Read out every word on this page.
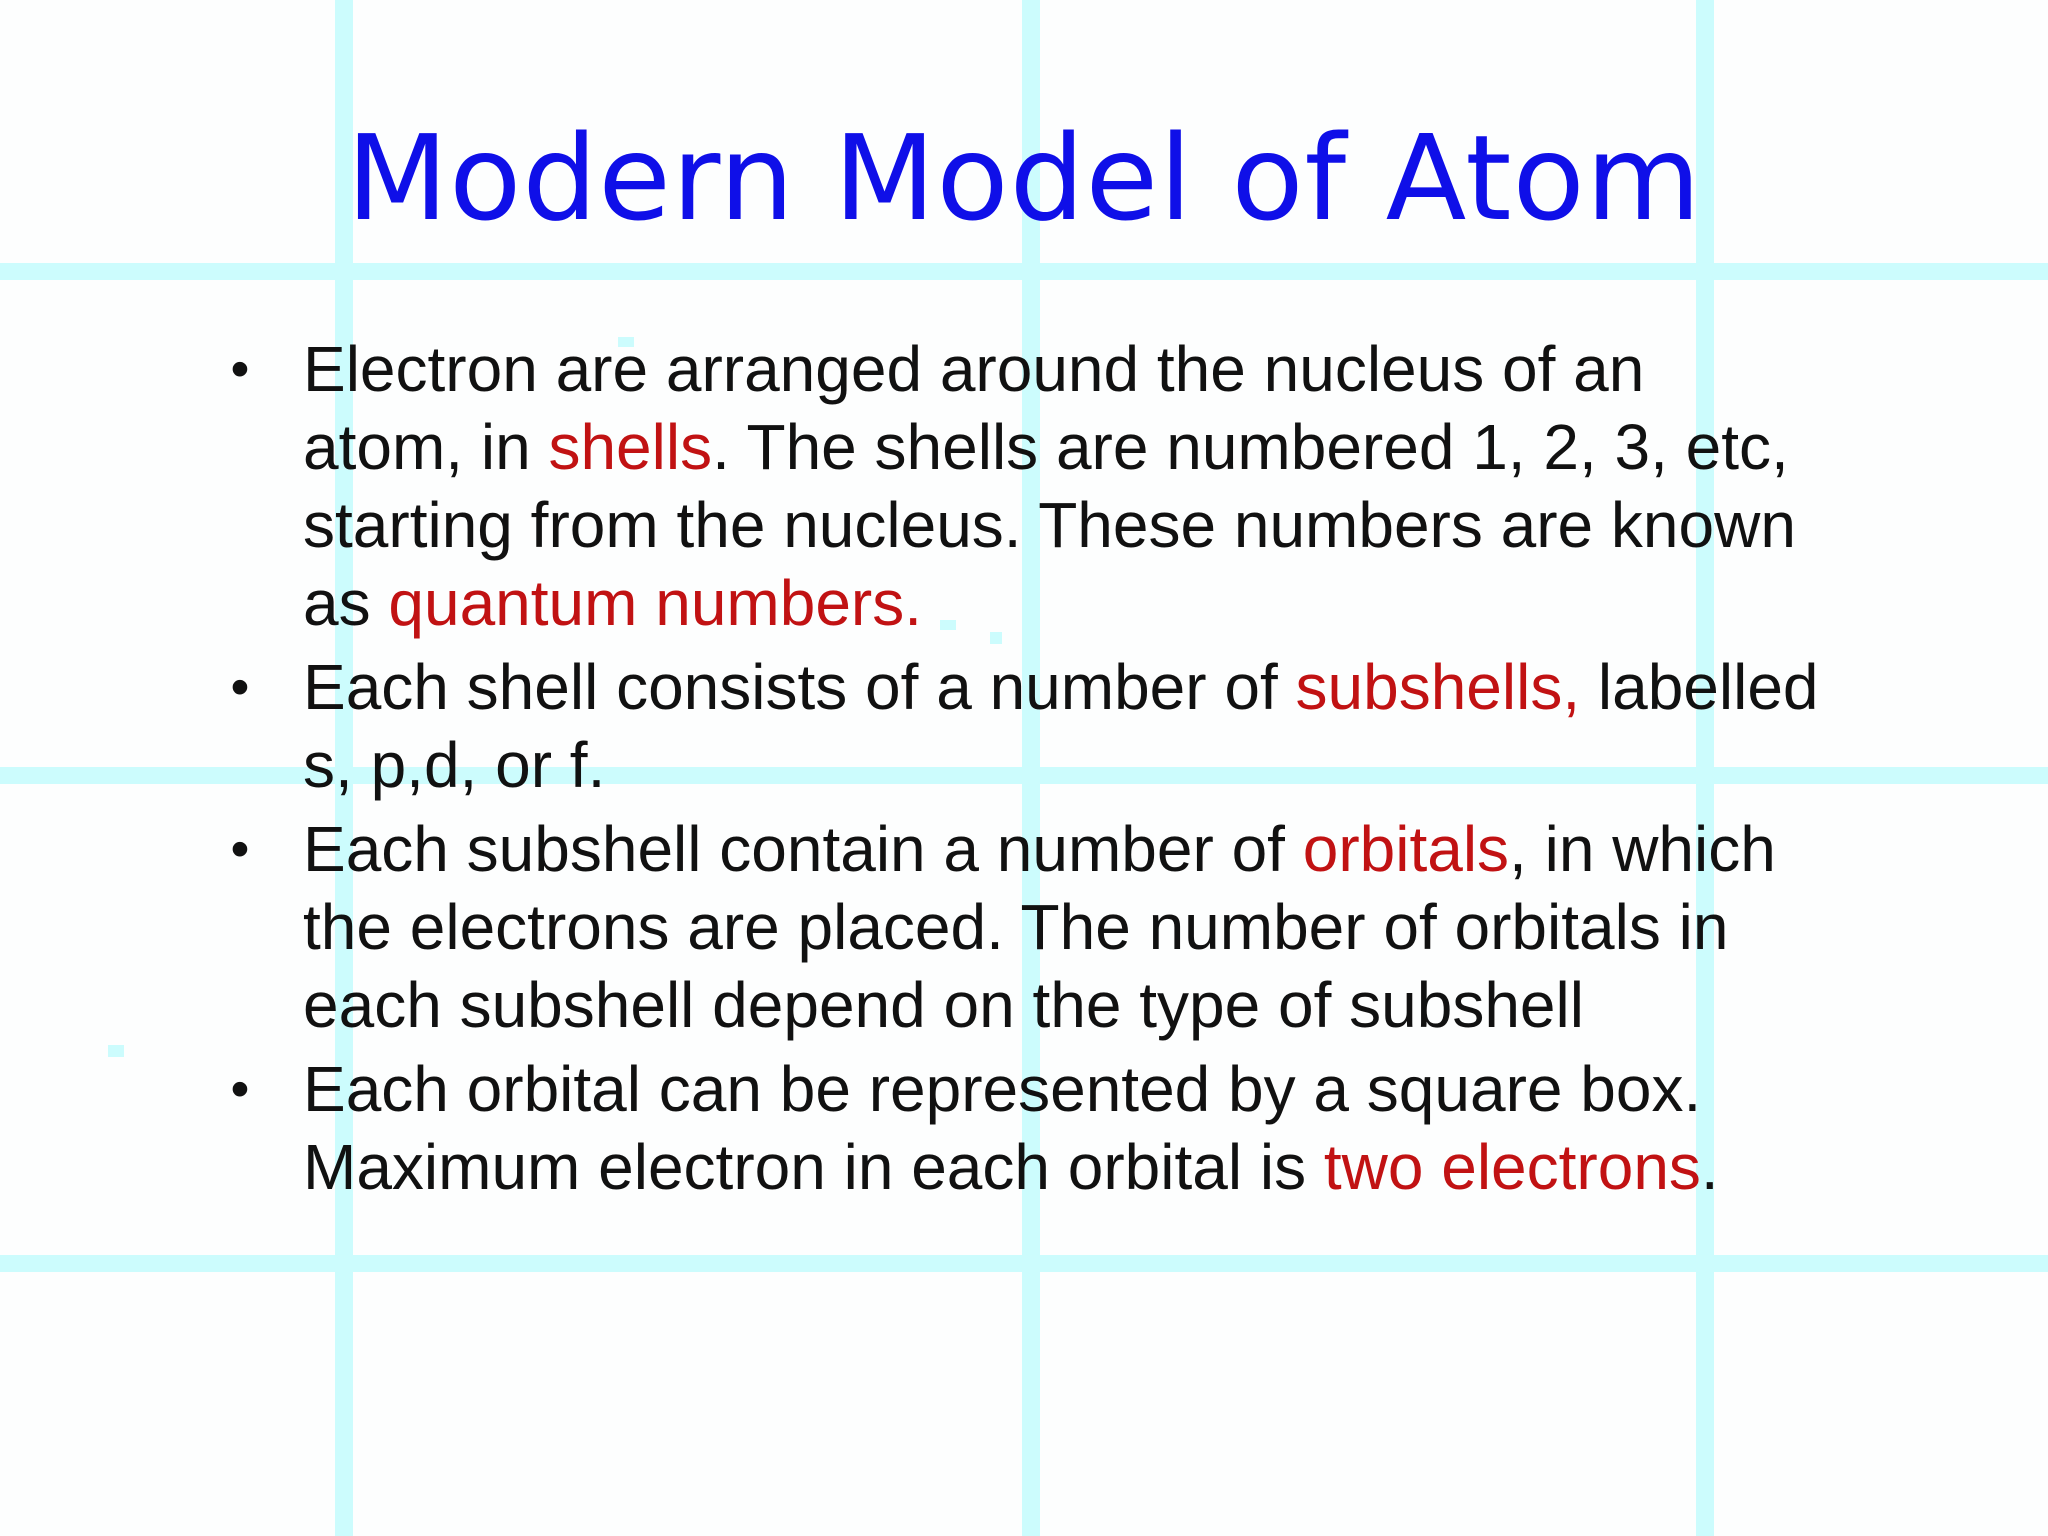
Modern Model of Atom
• Electron are arranged around the nucleus of an atom, in shells. The shells are numbered 1, 2, 3, etc, starting from the nucleus. These numbers are known as quantum numbers.
• Each shell consists of a number of subshells, labelled s, p,d, or f.
• Each subshell contain a number of orbitals, in which the electrons are placed. The number of orbitals in each subshell depend on the type of subshell
• Each orbital can be represented by a square box. Maximum electron in each orbital is two electrons.
